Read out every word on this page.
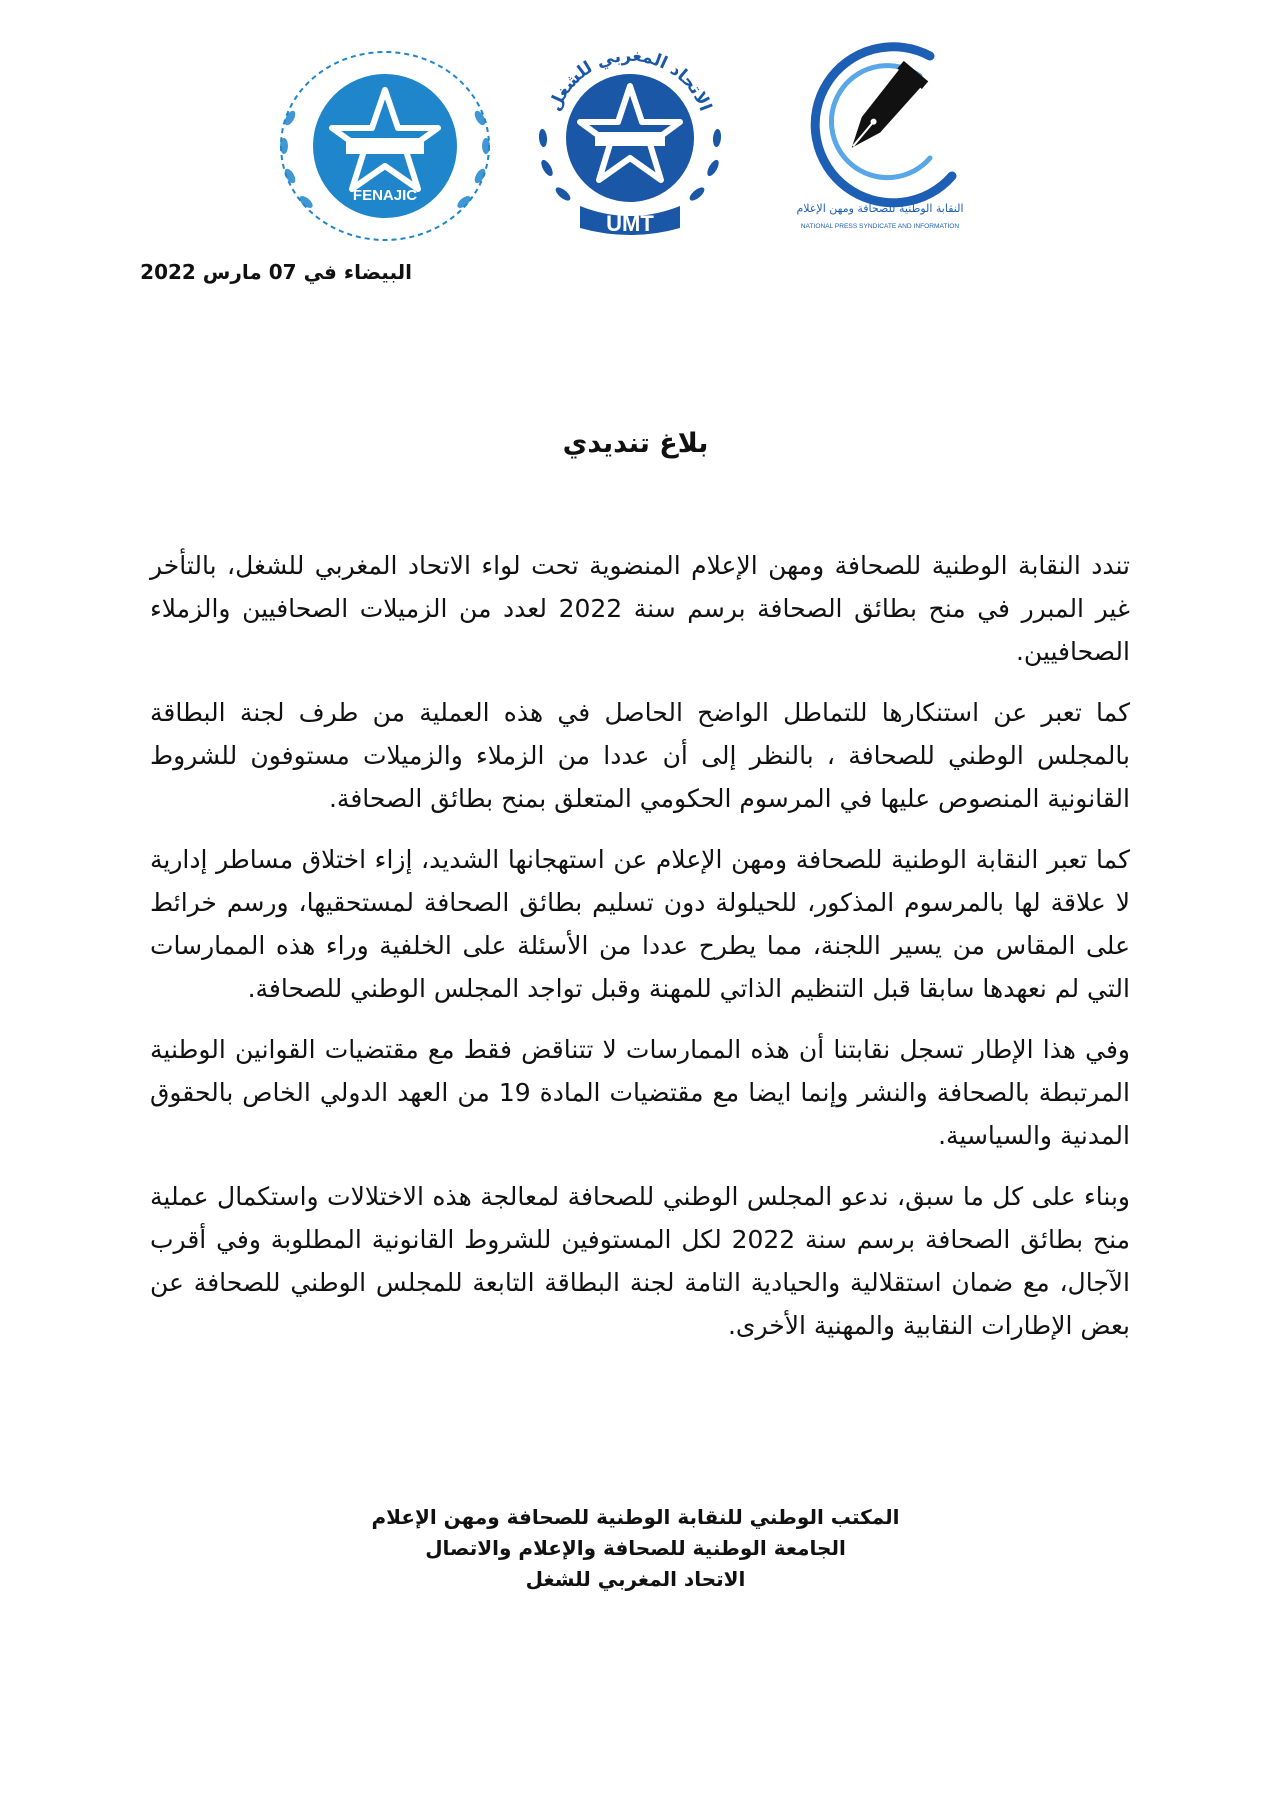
FENAJIC
الاتحاد المغربي للشغل
UMT
النقابة الوطنية للصحافة ومهن الإعلام
NATIONAL PRESS SYNDICATE AND INFORMATION
البيضاء في 07 مارس 2022
بلاغ تنديدي

تندد النقابة الوطنية للصحافة ومهن الإعلام المنضوية تحت لواء الاتحاد المغربي للشغل، بالتأخر غير المبرر في منح بطائق الصحافة برسم سنة 2022 لعدد من الزميلات الصحافيين والزملاء الصحافيين.

كما تعبر عن استنكارها للتماطل الواضح الحاصل في هذه العملية من طرف لجنة البطاقة بالمجلس الوطني للصحافة ، بالنظر إلى أن عددا من الزملاء والزميلات مستوفون للشروط القانونية المنصوص عليها في المرسوم الحكومي المتعلق بمنح بطائق الصحافة.

كما تعبر النقابة الوطنية للصحافة ومهن الإعلام عن استهجانها الشديد، إزاء اختلاق مساطر إدارية لا علاقة لها بالمرسوم المذكور، للحيلولة دون تسليم بطائق الصحافة لمستحقيها، ورسم خرائط على المقاس من يسير اللجنة، مما يطرح عددا من الأسئلة على الخلفية وراء هذه الممارسات التي لم نعهدها سابقا قبل التنظيم الذاتي للمهنة وقبل تواجد المجلس الوطني للصحافة.

وفي هذا الإطار تسجل نقابتنا أن هذه الممارسات لا تتناقض فقط مع مقتضيات القوانين الوطنية المرتبطة بالصحافة والنشر وإنما ايضا مع مقتضيات المادة 19 من العهد الدولي الخاص بالحقوق المدنية والسياسية.

وبناء على كل ما سبق، ندعو المجلس الوطني للصحافة لمعالجة هذه الاختلالات واستكمال عملية منح بطائق الصحافة برسم سنة 2022 لكل المستوفين للشروط القانونية المطلوبة وفي أقرب الآجال، مع ضمان استقلالية والحيادية التامة لجنة البطاقة التابعة للمجلس الوطني للصحافة عن بعض الإطارات النقابية والمهنية الأخرى.

المكتب الوطني للنقابة الوطنية للصحافة ومهن الإعلام
الجامعة الوطنية للصحافة والإعلام والاتصال
الاتحاد المغربي للشغل
